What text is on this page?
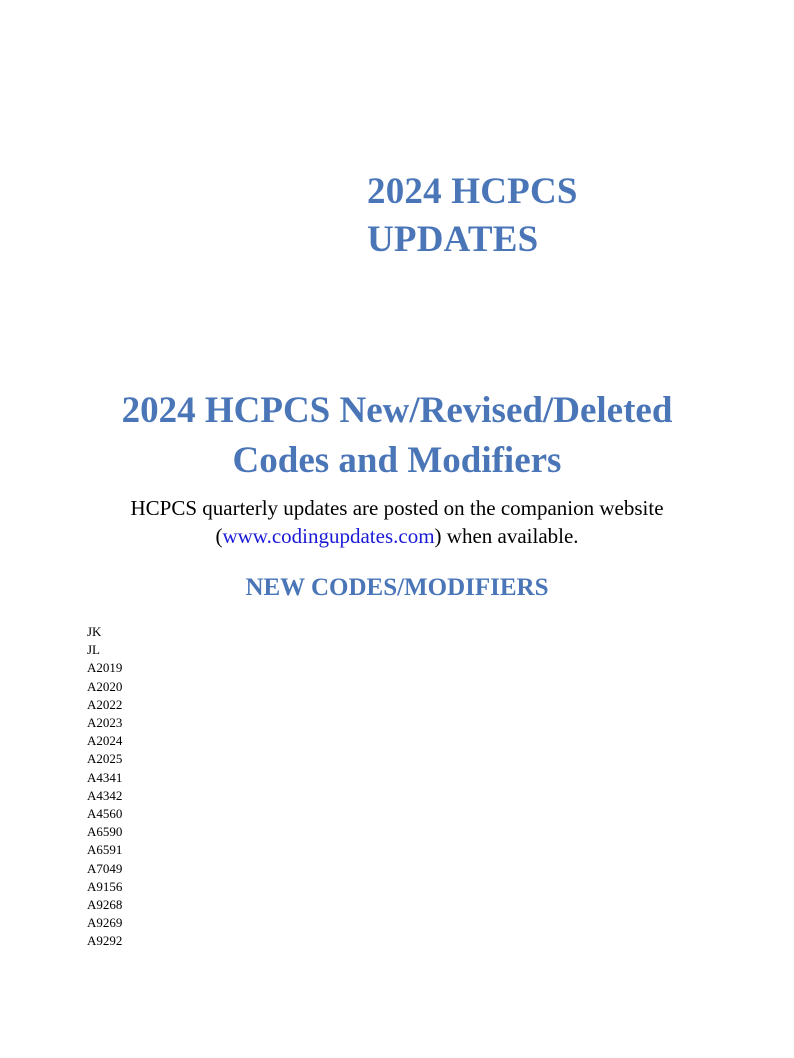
2024 HCPCS
UPDATES
2024 HCPCS New/Revised/Deleted
Codes and Modifiers
HCPCS quarterly updates are posted on the companion website
(www.codingupdates.com) when available.
NEW CODES/MODIFIERS
JK
JL
A2019
A2020
A2022
A2023
A2024
A2025
A4341
A4342
A4560
A6590
A6591
A7049
A9156
A9268
A9269
A9292
